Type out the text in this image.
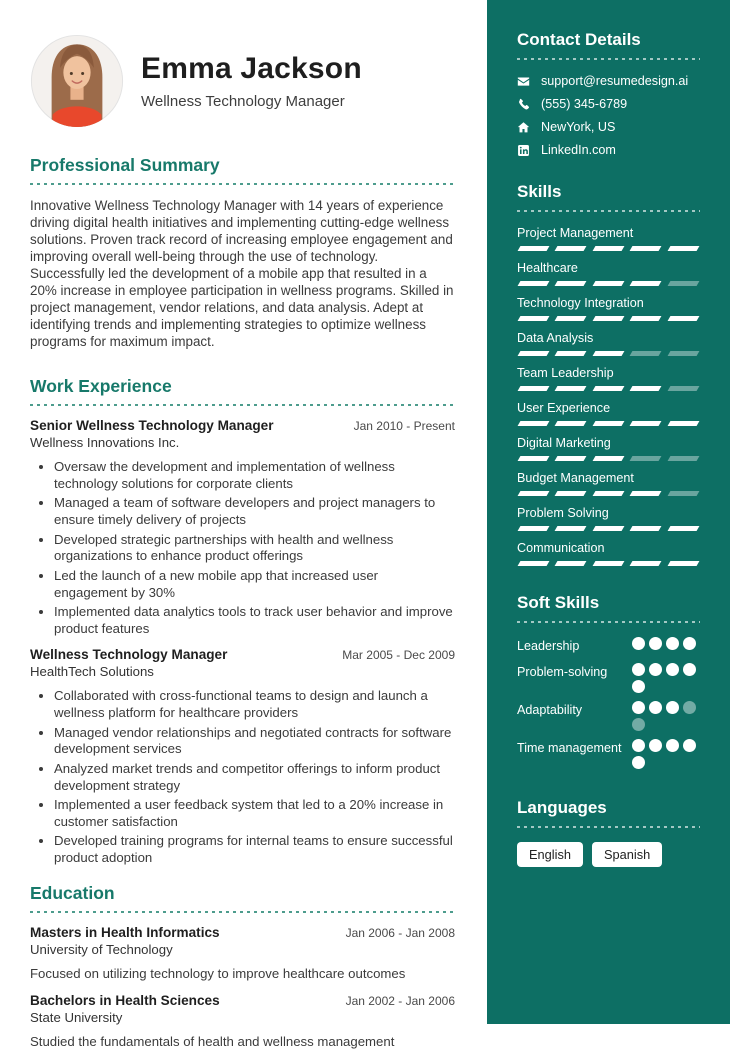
Emma Jackson
Wellness Technology Manager
Professional Summary

Innovative Wellness Technology Manager with 14 years of experience driving digital health initiatives and implementing cutting-edge wellness solutions. Proven track record of increasing employee engagement and improving overall well-being through the use of technology. Successfully led the development of a mobile app that resulted in a 20% increase in employee participation in wellness programs. Skilled in project management, vendor relations, and data analysis. Adept at identifying trends and implementing strategies to optimize wellness programs for maximum impact.

Work Experience
Senior Wellness Technology Manager	Jan 2010 - Present
Wellness Innovations Inc.
• Oversaw the development and implementation of wellness technology solutions for corporate clients
• Managed a team of software developers and project managers to ensure timely delivery of projects
• Developed strategic partnerships with health and wellness organizations to enhance product offerings
• Led the launch of a new mobile app that increased user engagement by 30%
• Implemented data analytics tools to track user behavior and improve product features
Wellness Technology Manager	Mar 2005 - Dec 2009
HealthTech Solutions
• Collaborated with cross-functional teams to design and launch a wellness platform for healthcare providers
• Managed vendor relationships and negotiated contracts for software development services
• Analyzed market trends and competitor offerings to inform product development strategy
• Implemented a user feedback system that led to a 20% increase in customer satisfaction
• Developed training programs for internal teams to ensure successful product adoption
Education
Masters in Health Informatics	Jan 2006 - Jan 2008
University of Technology
Focused on utilizing technology to improve healthcare outcomes
Bachelors in Health Sciences	Jan 2002 - Jan 2006
State University
Studied the fundamentals of health and wellness management
Contact Details
support@resumedesign.ai
(555) 345-6789
NewYork, US
LinkedIn.com
Skills
Project Management
Healthcare
Technology Integration
Data Analysis
Team Leadership
User Experience
Digital Marketing
Budget Management
Problem Solving
Communication
Soft Skills
Leadership
Problem-solving
Adaptability
Time management
Languages
English	Spanish
